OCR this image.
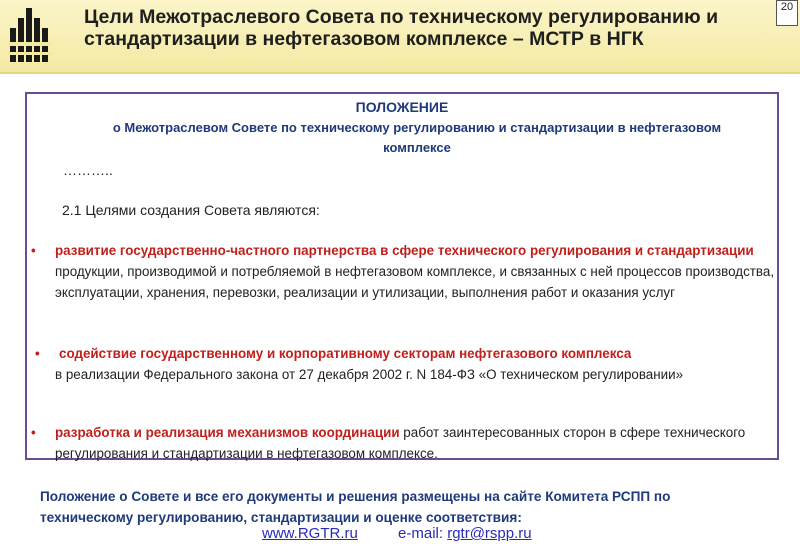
Цели Межотраслевого Совета по техническому регулированию и стандартизации в нефтегазовом комплексе – МСТР в НГК
20
ПОЛОЖЕНИЕ
о Межотраслевом Совете по техническому регулированию и стандартизации в нефтегазовом комплексе
………..
2.1 Целями создания Совета являются:
• развитие государственно-частного партнерства в сфере технического регулирования и стандартизации продукции, производимой и потребляемой в нефтегазовом комплексе, и связанных с ней процессов производства, эксплуатации, хранения, перевозки, реализации и утилизации, выполнения работ и оказания услуг
• содействие государственному и корпоративному секторам нефтегазового комплекса
в реализации Федерального закона от 27 декабря 2002 г. N 184-ФЗ «О техническом регулировании»
• разработка и реализация механизмов координации работ заинтересованных сторон в сфере технического регулирования и стандартизации в нефтегазовом комплексе.
Положение о Совете и все его документы и решения размещены на сайте Комитета РСПП по техническому регулированию, стандартизации и оценке соответствия:
www.RGTR.ru	e-mail: rgtr@rspp.ru
